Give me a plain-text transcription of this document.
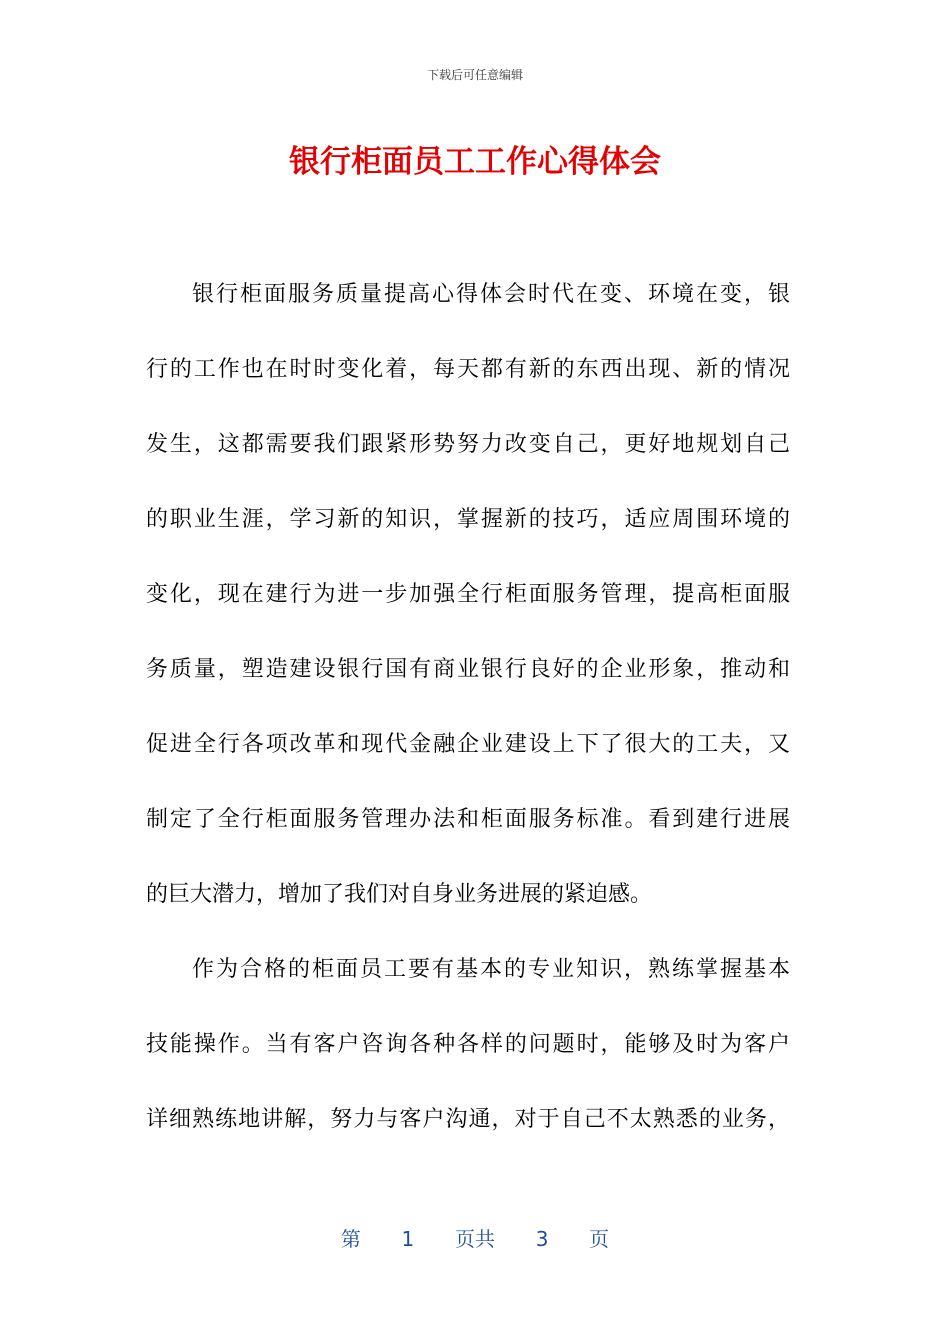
下载后可任意编辑
银行柜面员工工作心得体会
银行柜面服务质量提高心得体会时代在变、环境在变，银
行的工作也在时时变化着，每天都有新的东西出现、新的情况
发生，这都需要我们跟紧形势努力改变自己，更好地规划自己
的职业生涯，学习新的知识，掌握新的技巧，适应周围环境的
变化，现在建行为进一步加强全行柜面服务管理，提高柜面服
务质量，塑造建设银行国有商业银行良好的企业形象，推动和
促进全行各项改革和现代金融企业建设上下了很大的工夫，又
制定了全行柜面服务管理办法和柜面服务标准。看到建行进展
的巨大潜力，增加了我们对自身业务进展的紧迫感。
作为合格的柜面员工要有基本的专业知识，熟练掌握基本
技能操作。当有客户咨询各种各样的问题时，能够及时为客户
详细熟练地讲解，努力与客户沟通，对于自己不太熟悉的业务，
第 1 页共 3 页
